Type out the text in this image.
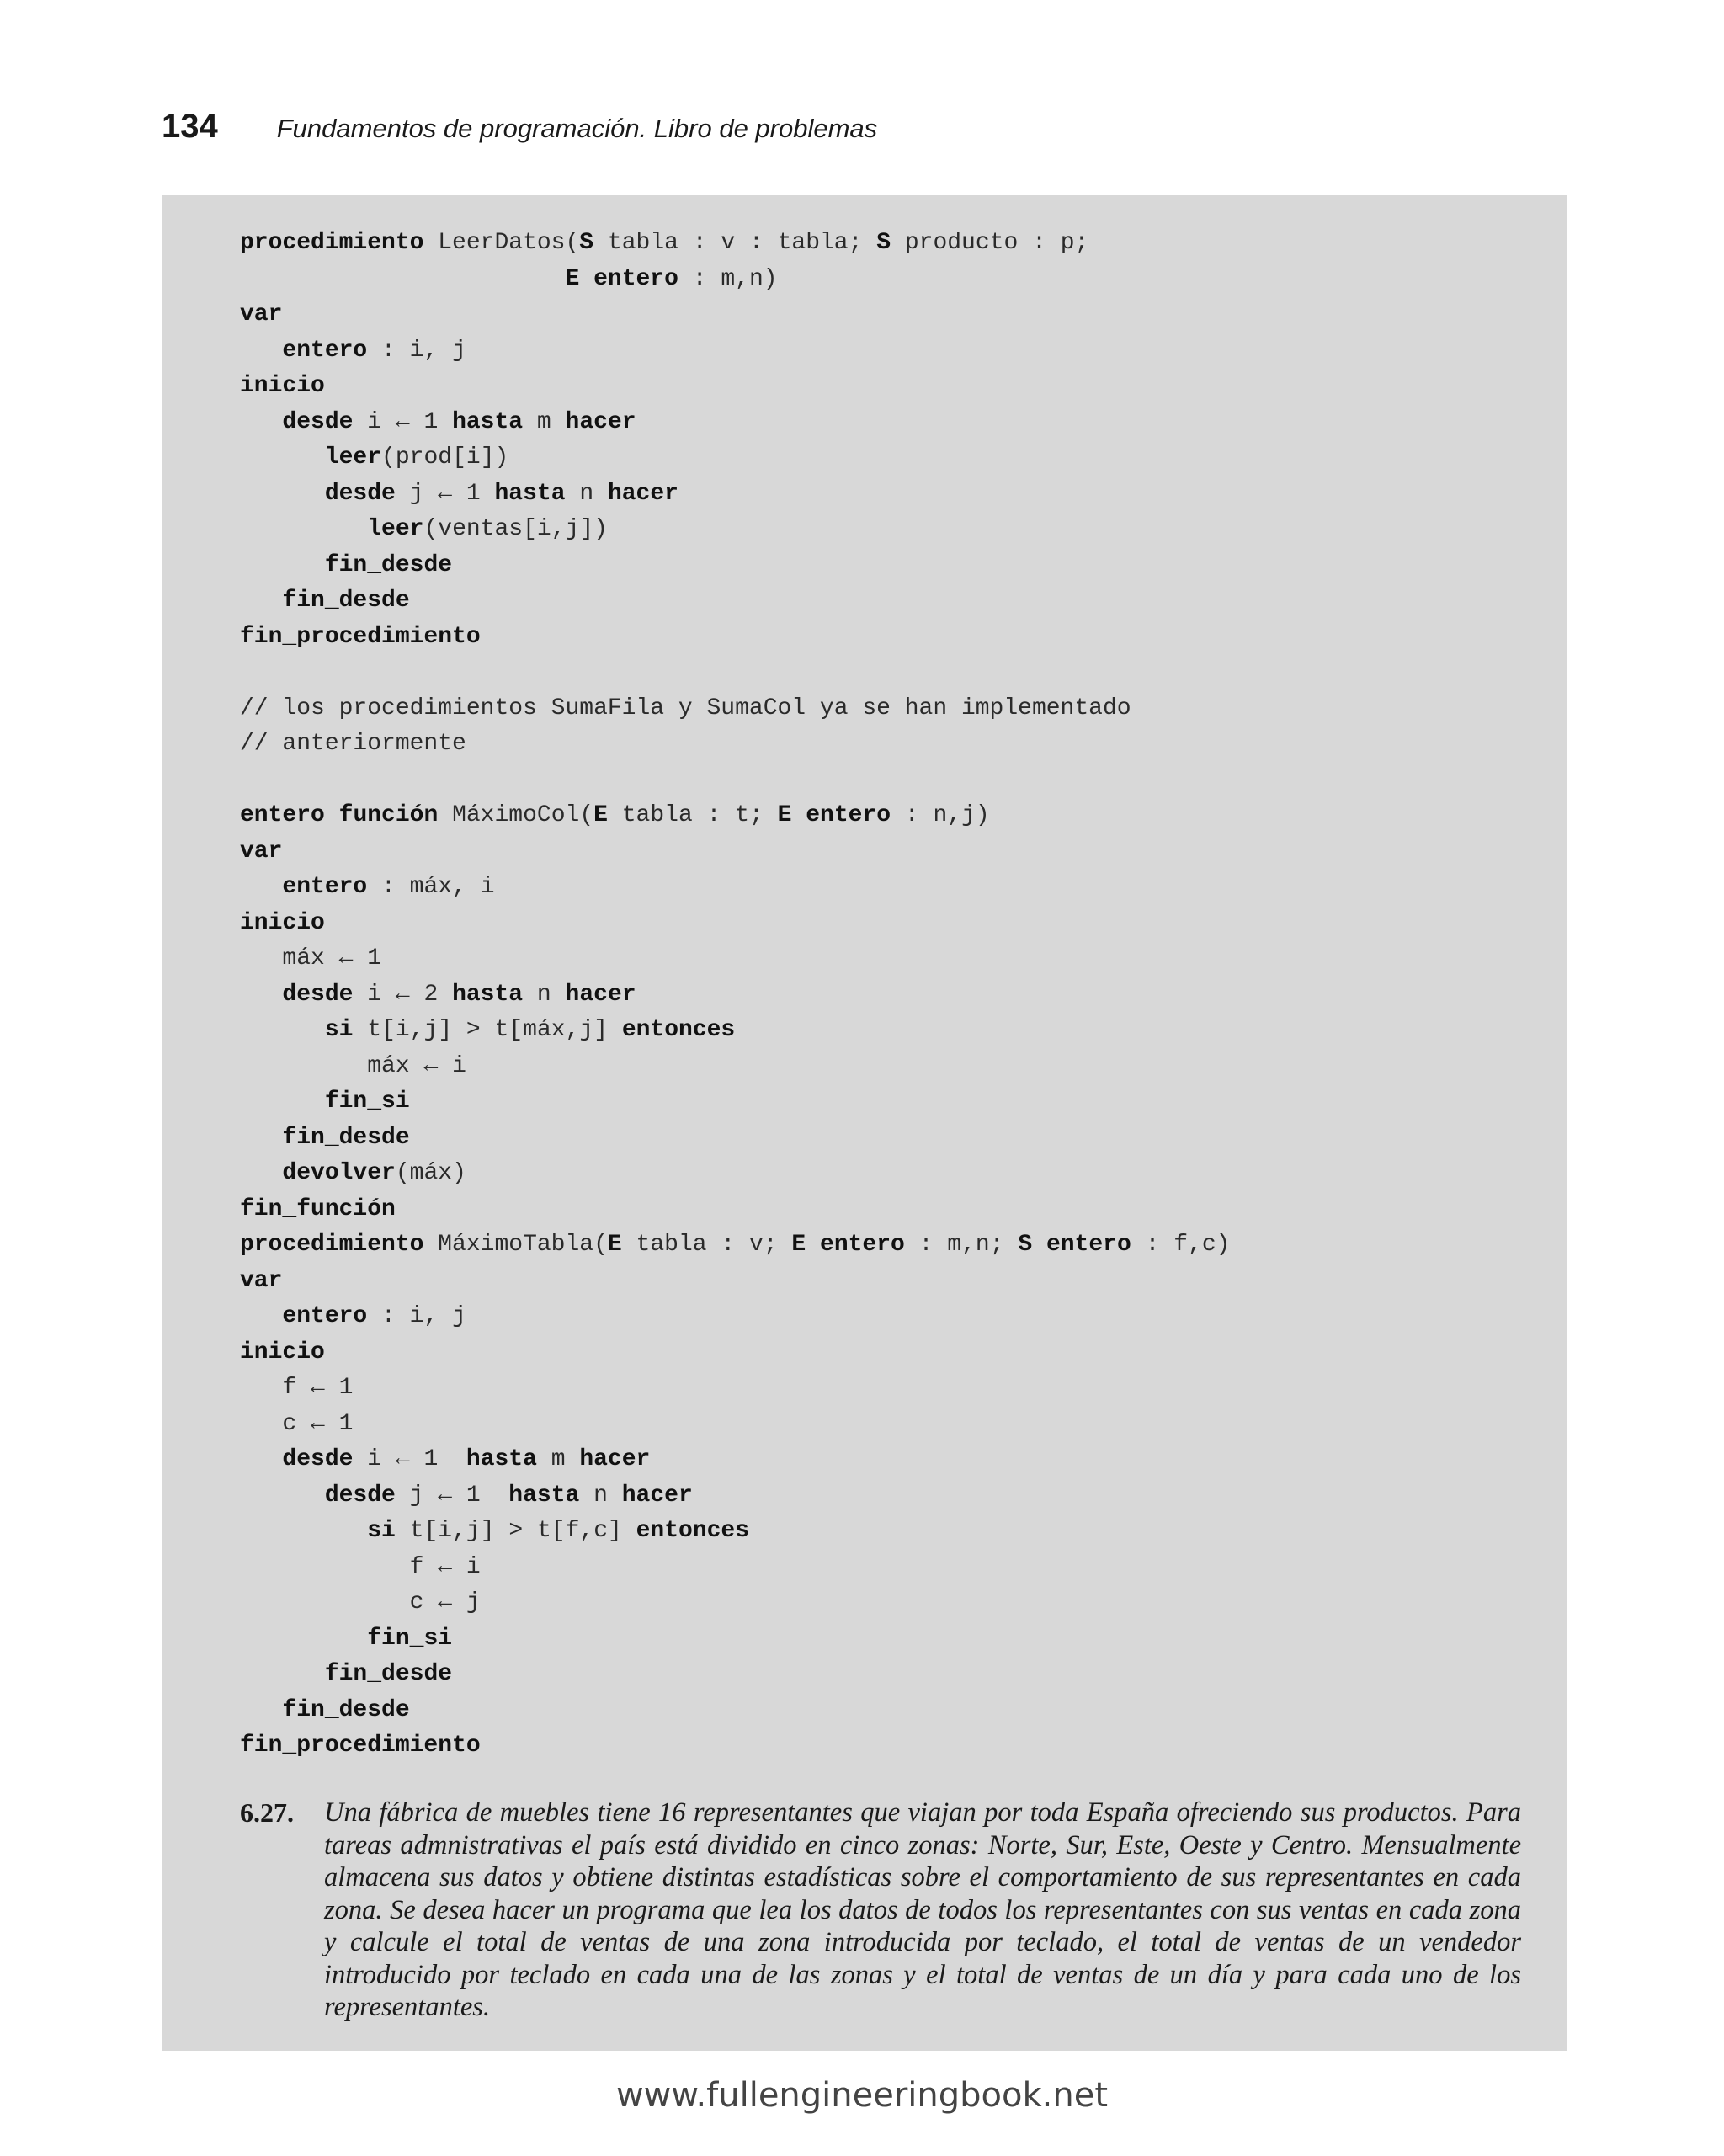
134 Fundamentos de programación. Libro de problemas
procedimiento LeerDatos(S tabla : v : tabla; S producto : p;
E entero : m,n)
var
entero : i, j
inicio
desde i ← 1 hasta m hacer
leer(prod[i])
desde j ← 1 hasta n hacer
leer(ventas[i,j])
fin_desde
fin_desde
fin_procedimiento

// los procedimientos SumaFila y SumaCol ya se han implementado
// anteriormente

entero función MáximoCol(E tabla : t; E entero : n,j)
var
entero : máx, i
inicio
máx ← 1
desde i ← 2 hasta n hacer
si t[i,j] > t[máx,j] entonces
máx ← i
fin_si
fin_desde
devolver(máx)
fin_función
procedimiento MáximoTabla(E tabla : v; E entero : m,n; S entero : f,c)
var
entero : i, j
inicio
f ← 1
c ← 1
desde i ← 1  hasta m hacer
desde j ← 1  hasta n hacer
si t[i,j] > t[f,c] entonces
f ← i
c ← j
fin_si
fin_desde
fin_desde
fin_procedimiento
6.27.	Una fábrica de muebles tiene 16 representantes que viajan por toda España ofreciendo sus productos. Para tareas admnistrativas el país está dividido en cinco zonas: Norte, Sur, Este, Oeste y Centro. Mensualmente almacena sus datos y obtiene distintas estadísticas sobre el comportamiento de sus representantes en cada zona. Se desea hacer un programa que lea los datos de todos los representantes con sus ventas en cada zona y calcule el total de ventas de una zona introducida por teclado, el total de ventas de un vendedor introducido por teclado en cada una de las zonas y el total de ventas de un día y para cada uno de los representantes.
www.fullengineeringbook.net
